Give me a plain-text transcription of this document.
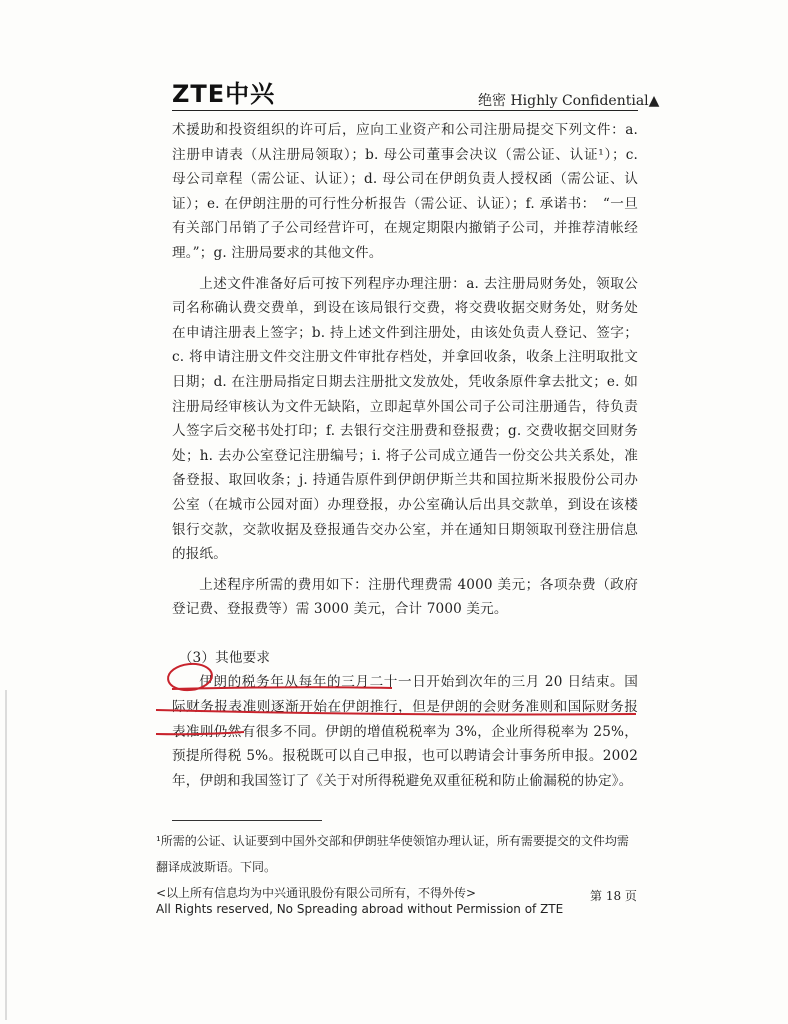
ZTE中兴	绝密 Highly Confidential▲

术援助和投资组织的许可后，应向工业资产和公司注册局提交下列文件：a. 注册申请表（从注册局领取）；b. 母公司董事会决议（需公证、认证¹）；c. 母公司章程（需公证、认证）；d. 母公司在伊朗负责人授权函（需公证、认证）；e. 在伊朗注册的可行性分析报告（需公证、认证）；f. 承诺书：　“一旦有关部门吊销了子公司经营许可，在规定期限内撤销子公司，并推荐清帐经理。”；g. 注册局要求的其他文件。

上述文件准备好后可按下列程序办理注册：a. 去注册局财务处，领取公司名称确认费交费单，到设在该局银行交费，将交费收据交财务处，财务处在申请注册表上签字；b. 持上述文件到注册处，由该处负责人登记、签字；c. 将申请注册文件交注册文件审批存档处，并拿回收条，收条上注明取批文日期；d. 在注册局指定日期去注册批文发放处，凭收条原件拿去批文；e. 如注册局经审核认为文件无缺陷，立即起草外国公司子公司注册通告，待负责人签字后交秘书处打印；f. 去银行交注册费和登报费；g. 交费收据交回财务处；h. 去办公室登记注册编号；i. 将子公司成立通告一份交公共关系处，准备登报、取回收条；j. 持通告原件到伊朗伊斯兰共和国拉斯米报股份公司办公室（在城市公园对面）办理登报，办公室确认后出具交款单，到设在该楼银行交款，交款收据及登报通告交办公室，并在通知日期领取刊登注册信息的报纸。

上述程序所需的费用如下：注册代理费需 4000 美元；各项杂费（政府登记费、登报费等）需 3000 美元，合计 7000 美元。

（3）其他要求

伊朗的税务年从每年的三月二十一日开始到次年的三月 20 日结束。国际财务报表准则逐渐开始在伊朗推行，但是伊朗的会财务准则和国际财务报表准则仍然有很多不同。伊朗的增值税税率为 3%，企业所得税率为 25%，预提所得税 5%。报税既可以自己申报，也可以聘请会计事务所申报。2002 年，伊朗和我国签订了《关于对所得税避免双重征税和防止偷漏税的协定》。

¹所需的公证、认证要到中国外交部和伊朗驻华使领馆办理认证，所有需要提交的文件均需翻译成波斯语。下同。
<以上所有信息均为中兴通讯股份有限公司所有，不得外传>
All Rights reserved, No Spreading abroad without Permission of ZTE
第 18 页
